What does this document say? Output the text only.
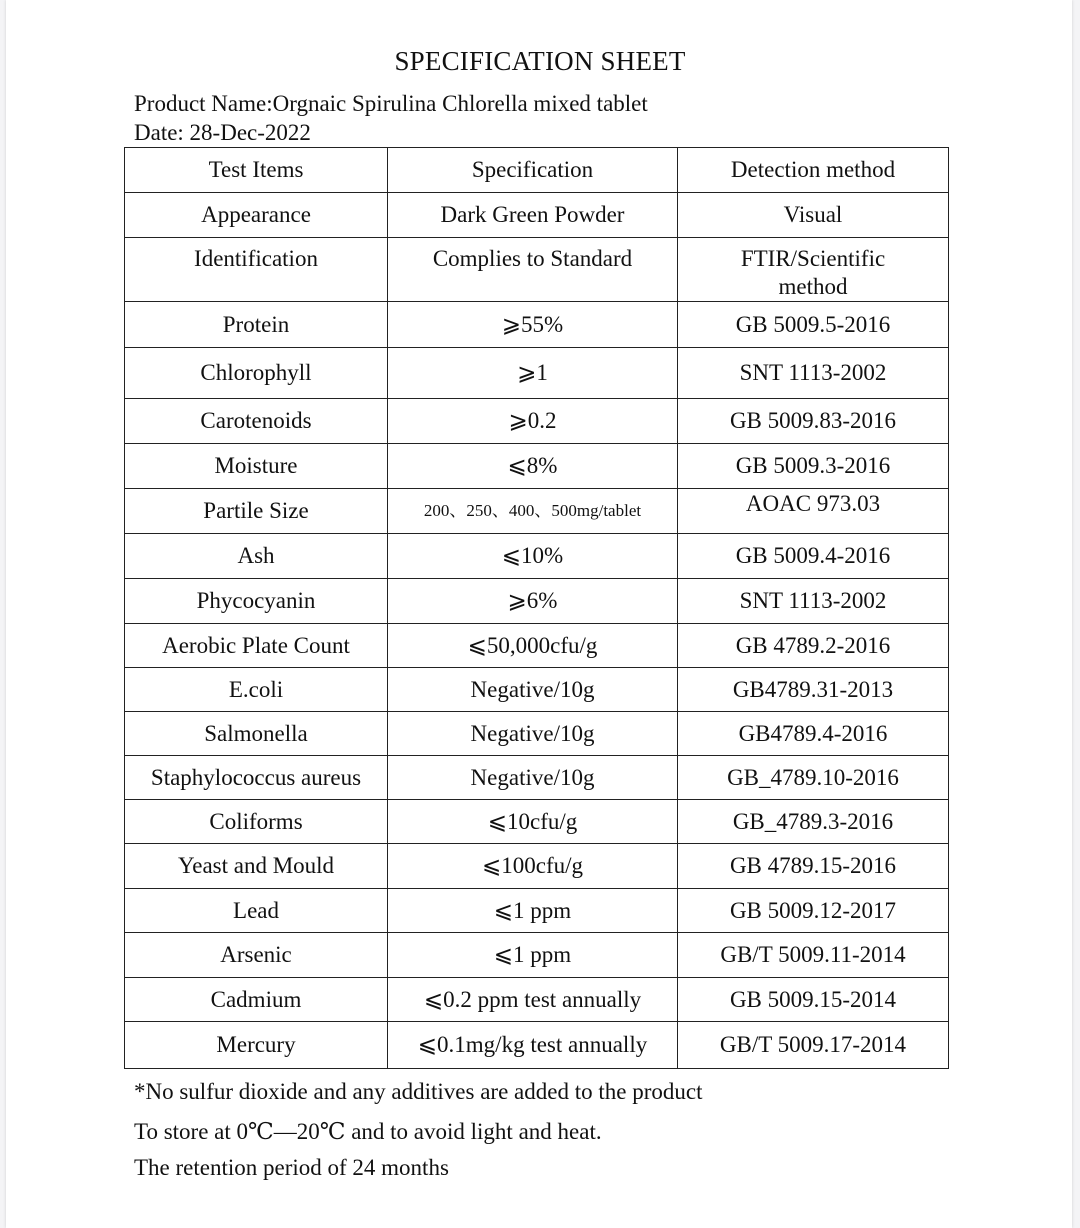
SPECIFICATION SHEET
Product Name:Orgnaic Spirulina Chlorella mixed tablet
Date: 28-Dec-2022
Test Items	Specification	Detection method
Appearance	Dark Green Powder	Visual
Identification	Complies to Standard	FTIR/Scientific method
Protein	⩾55%	GB 5009.5-2016
Chlorophyll	⩾1	SNT 1113-2002
Carotenoids	⩾0.2	GB 5009.83-2016
Moisture	⩽8%	GB 5009.3-2016
Partile Size	200、250、400、500mg/tablet	AOAC 973.03
Ash	⩽10%	GB 5009.4-2016
Phycocyanin	⩾6%	SNT 1113-2002
Aerobic Plate Count	⩽50,000cfu/g	GB 4789.2-2016
E.coli	Negative/10g	GB4789.31-2013
Salmonella	Negative/10g	GB4789.4-2016
Staphylococcus aureus	Negative/10g	GB_4789.10-2016
Coliforms	⩽10cfu/g	GB_4789.3-2016
Yeast and Mould	⩽100cfu/g	GB 4789.15-2016
Lead	⩽1 ppm	GB 5009.12-2017
Arsenic	⩽1 ppm	GB/T 5009.11-2014
Cadmium	⩽0.2 ppm test annually	GB 5009.15-2014
Mercury	⩽0.1mg/kg test annually	GB/T 5009.17-2014
*No sulfur dioxide and any additives are added to the product
To store at 0℃—20℃ and to avoid light and heat.
The retention period of 24 months
